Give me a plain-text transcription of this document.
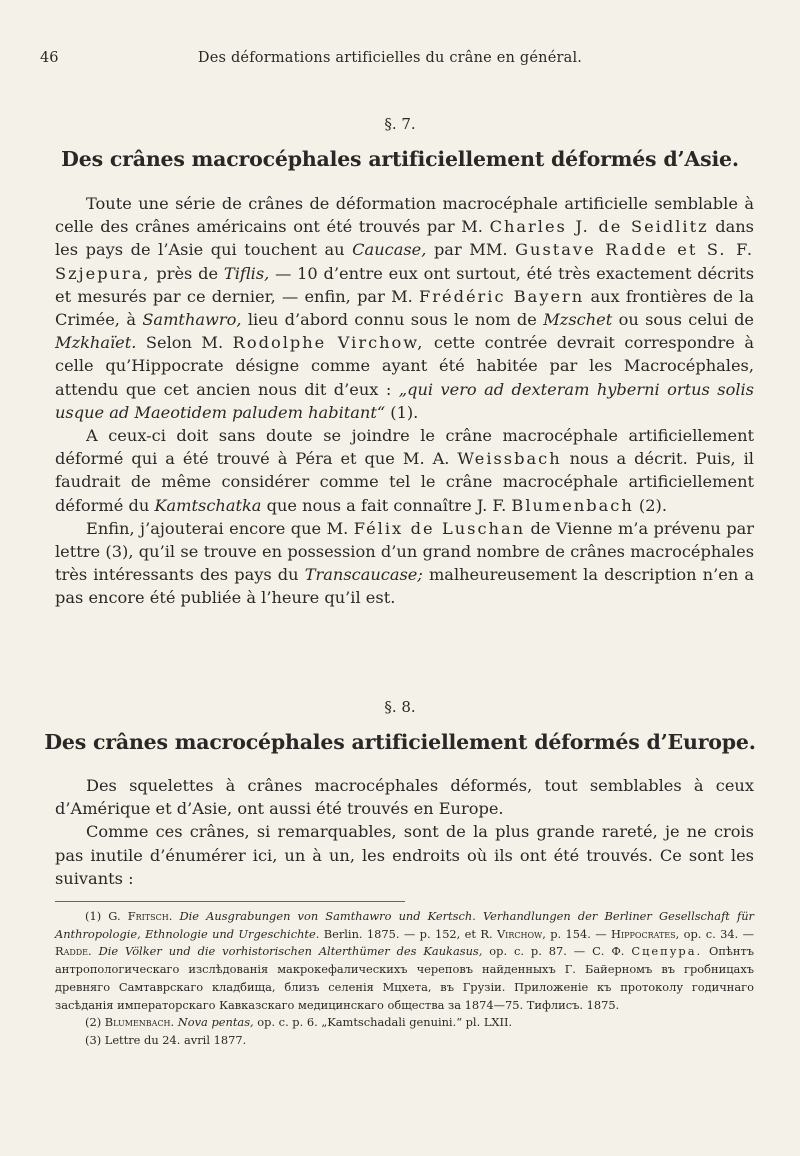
46	Des déformations artificielles du crâne en général.
§. 7.
Des crânes macrocéphales artificiellement déformés d’Asie.

Toute une série de crânes de déformation macrocéphale artificielle semblable à celle des crânes américains ont été trouvés par M. Charles J. de Seidlitz dans les pays de l’Asie qui touchent au Caucase, par MM. Gustave Radde et S. F. Szjepura, près de Tiflis, — 10 d’entre eux ont surtout, été très exactement décrits et mesurés par ce dernier, — enfin, par M. Frédéric Bayern aux frontières de la Crimée, à Samthawro, lieu d’abord connu sous le nom de Mzschet ou sous celui de Mzkhaïet. Selon M. Rodolphe Virchow, cette contrée devrait correspondre à celle qu’Hippocrate désigne comme ayant été habitée par les Macrocéphales, attendu que cet ancien nous dit d’eux : „qui vero ad dexteram hyberni ortus solis usque ad Maeotidem paludem habitant“ (1).

A ceux-ci doit sans doute se joindre le crâne macrocéphale artificiellement déformé qui a été trouvé à Péra et que M. A. Weissbach nous a décrit. Puis, il faudrait de même considérer comme tel le crâne macrocéphale artificiellement déformé du Kamtschatka que nous a fait connaître J. F. Blumenbach (2).

Enfin, j’ajouterai encore que M. Félix de Luschan de Vienne m’a prévenu par lettre (3), qu’il se trouve en possession d’un grand nombre de crânes macrocéphales très intéressants des pays du Transcaucase; malheureusement la description n’en a pas encore été publiée à l’heure qu’il est.

§. 8.
Des crânes macrocéphales artificiellement déformés d’Europe.

Des squelettes à crânes macrocéphales déformés, tout semblables à ceux d’Amérique et d’Asie, ont aussi été trouvés en Europe.

Comme ces crânes, si remarquables, sont de la plus grande rareté, je ne crois pas inutile d’énumérer ici, un à un, les endroits où ils ont été trouvés. Ce sont les suivants :

(1) G. Fritsch. Die Ausgrabungen von Samthawro und Kertsch. Verhandlungen der Berliner Gesellschaft für Anthropologie, Ethnologie und Urgeschichte. Berlin. 1875. — p. 152, et R. Virchow, p. 154. — Hippocrates, op. c. 34. — Radde. Die Völker und die vorhistorischen Alterthümer des Kaukasus, op. c. p. 87. — С. Ф. Сцепура. Опѣнтъ антропологическаго изслѣдованія макрокефалическихъ череповъ найденныхъ Г. Байерномъ въ гробницахъ древняго Самтаврскаго кладбища, близъ селенія Мцхета, въ Грузіи. Приложеніе къ протоколу годичнаго засѣданія императорскаго Кавказскаго медицинскаго общества за 1874—75. Тифлисъ. 1875.

(2) Blumenbach. Nova pentas, op. c. p. 6. „Kamtschadali genuini.“ pl. LXII.

(3) Lettre du 24. avril 1877.
